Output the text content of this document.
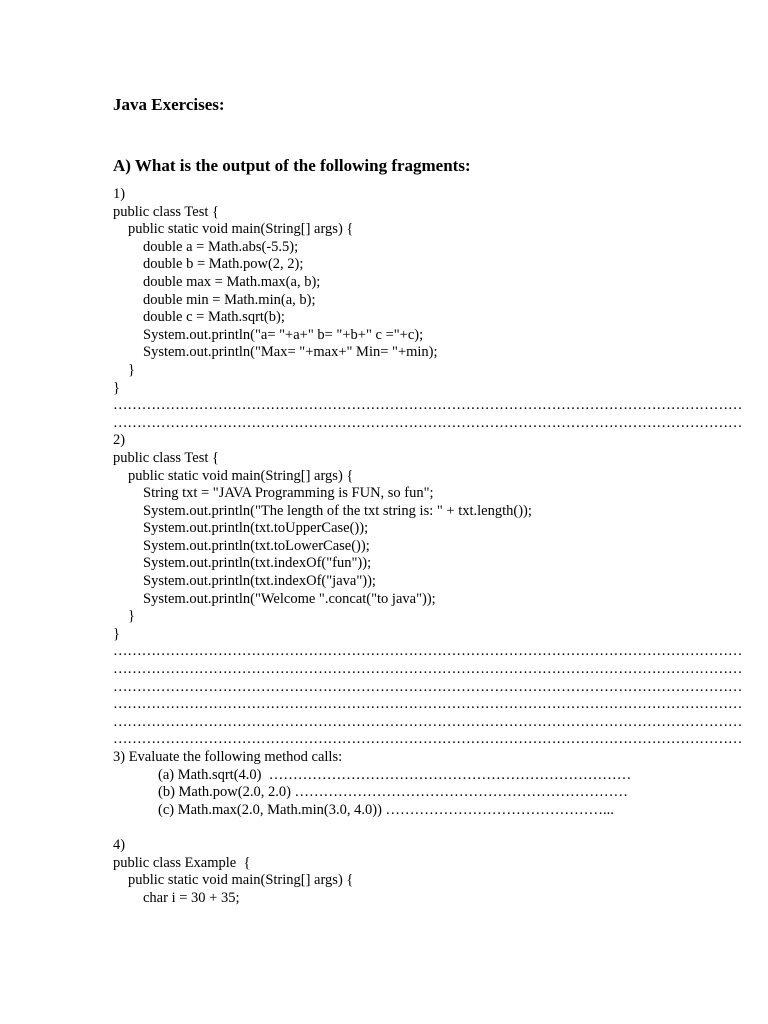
Java Exercises:
A) What is the output of the following fragments:
1)
public class Test {
public static void main(String[] args) {
double a = Math.abs(-5.5);
double b = Math.pow(2, 2);
double max = Math.max(a, b);
double min = Math.min(a, b);
double c = Math.sqrt(b);
System.out.println("a= "+a+" b= "+b+" c ="+c);
System.out.println("Max= "+max+" Min= "+min);
}
}
……………………………………………………………………………………………………………………
……………………………………………………………………………………………………………………
2)
public class Test {
public static void main(String[] args) {
String txt = "JAVA Programming is FUN, so fun";
System.out.println("The length of the txt string is: " + txt.length());
System.out.println(txt.toUpperCase());
System.out.println(txt.toLowerCase());
System.out.println(txt.indexOf("fun"));
System.out.println(txt.indexOf("java"));
System.out.println("Welcome ".concat("to java"));
}
}
……………………………………………………………………………………………………………………
……………………………………………………………………………………………………………………
……………………………………………………………………………………………………………………
……………………………………………………………………………………………………………………
……………………………………………………………………………………………………………………
……………………………………………………………………………………………………………………
3) Evaluate the following method calls:
(a) Math.sqrt(4.0)  …………………………………………………………………
(b) Math.pow(2.0, 2.0) ……………………………………………………………
(c) Math.max(2.0, Math.min(3.0, 4.0)) ………………………………………...
4)
public class Example  {
public static void main(String[] args) {
char i = 30 + 35;
